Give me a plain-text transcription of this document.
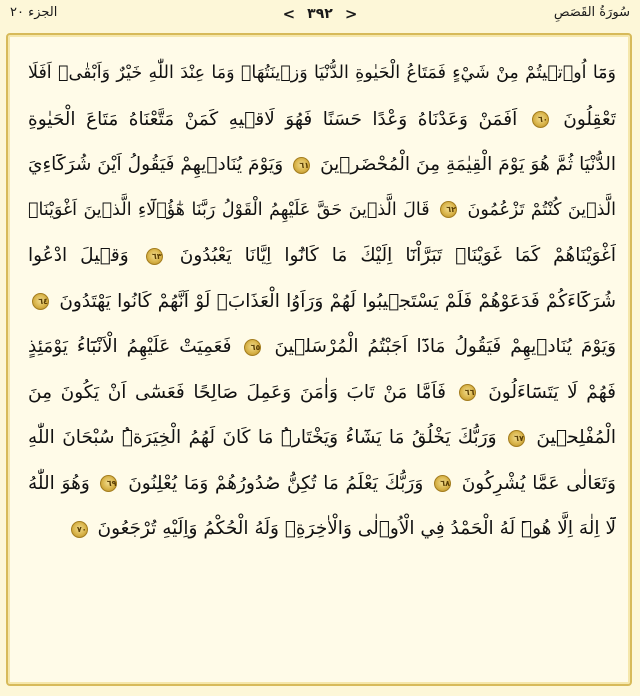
سُورَةُ القَصَصِ
< ٣٩٢ >
الجزء ٢٠
وَمَٓا اُو۫ت۪يتُمْ مِنْ شَيْءٍ فَمَتَاعُ الْحَيٰوةِ الدُّنْيَا وَز۪ينَتُهَاۚ وَمَا عِنْدَ اللّٰهِ خَيْرٌ وَاَبْقٰىۜ اَفَلَا
تَعْقِلُونَ ٦٠ اَفَمَنْ وَعَدْنَاهُ وَعْدًا حَسَنًا فَهُوَ لَاق۪يهِ كَمَنْ مَتَّعْنَاهُ مَتَاعَ الْحَيٰوةِ
الدُّنْيَا ثُمَّ هُوَ يَوْمَ الْقِيٰمَةِ مِنَ الْمُحْضَر۪ينَ ٦١ وَيَوْمَ يُنَاد۪يهِمْ فَيَقُولُ اَيْنَ شُرَكَٓاءِيَ
الَّذ۪ينَ كُنْتُمْ تَزْعُمُونَ ٦٢ قَالَ الَّذ۪ينَ حَقَّ عَلَيْهِمُ الْقَوْلُ رَبَّنَا هٰٓؤُ۬لَٓاءِ الَّذ۪ينَ اَغْوَيْنَاۚ
اَغْوَيْنَاهُمْ كَمَا غَوَيْنَاۚ تَبَرَّاْنَٓا اِلَيْكَ مَا كَانُٓوا اِيَّانَا يَعْبُدُونَ ٦٣ وَق۪يلَ ادْعُوا
شُرَكَٓاءَكُمْ فَدَعَوْهُمْ فَلَمْ يَسْتَج۪يبُوا لَهُمْ وَرَاَوُا الْعَذَابَۚ لَوْ اَنَّهُمْ كَانُوا يَهْتَدُونَ ٦٤
وَيَوْمَ يُنَاد۪يهِمْ فَيَقُولُ مَاذَٓا اَجَبْتُمُ الْمُرْسَل۪ينَ ٦٥ فَعَمِيَتْ عَلَيْهِمُ الْاَنْبَٓاءُ يَوْمَئِذٍ
فَهُمْ لَا يَتَسَٓاءَلُونَ ٦٦ فَاَمَّا مَنْ تَابَ وَاٰمَنَ وَعَمِلَ صَالِحًا فَعَسٰٓى اَنْ يَكُونَ مِنَ
الْمُفْلِح۪ينَ ٦٧ وَرَبُّكَ يَخْلُقُ مَا يَشَٓاءُ وَيَخْتَارُۜ مَا كَانَ لَهُمُ الْخِيَرَةُۜ سُبْحَانَ اللّٰهِ
وَتَعَالٰى عَمَّا يُشْرِكُونَ ٦٨ وَرَبُّكَ يَعْلَمُ مَا تُكِنُّ صُدُورُهُمْ وَمَا يُعْلِنُونَ ٦٩ وَهُوَ اللّٰهُ
لَٓا اِلٰهَ اِلَّا هُوَۜ لَهُ الْحَمْدُ فِي الْاُو۫لٰى وَالْاٰخِرَةِۘ وَلَهُ الْحُكْمُ وَاِلَيْهِ تُرْجَعُونَ ٧٠
